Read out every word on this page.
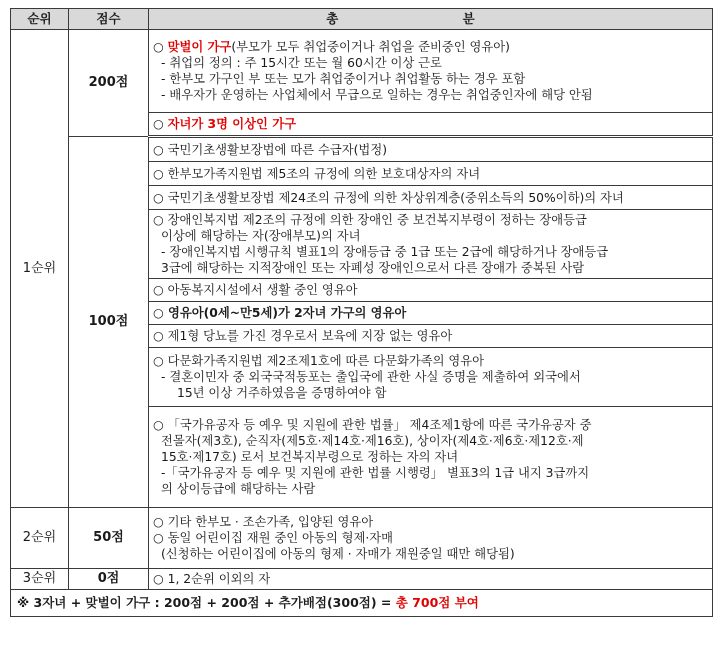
순위	점수	총 분
1순위	200점	○ 맞벌이 가구(부모가 모두 취업중이거나 취업을 준비중인 영유아)
- 취업의 정의 : 주 15시간 또는 월 60시간 이상 근로
- 한부모 가구인 부 또는 모가 취업중이거나 취업활동 하는 경우 포함
- 배우자가 운영하는 사업체에서 무급으로 일하는 경우는 취업중인자에 해당 안됨

		○ 자녀가 3명 이상인 가구
	100점	○ 국민기초생활보장법에 따른 수급자(법정)
		○ 한부모가족지원법 제5조의 규정에 의한 보호대상자의 자녀
		○ 국민기초생활보장법 제24조의 규정에 의한 차상위계층(중위소득의 50%이하)의 자녀

		○ 장애인복지법 제2조의 규정에 의한 장애인 중 보건복지부령이 정하는 장애등급
이상에 해당하는 자(장애부모)의 자녀
- 장애인복지법 시행규칙 별표1의 장애등급 중 1급 또는 2급에 해당하거나 장애등급
3급에 해당하는 지적장애인 또는 자폐성 장애인으로서 다른 장애가 중복된 사람

		○ 아동복지시설에서 생활 중인 영유아
		○ 영유아(0세~만5세)가 2자녀 가구의 영유아
		○ 제1형 당뇨를 가진 경우로서 보육에 지장 없는 영유아

		○ 다문화가족지원법 제2조제1호에 따른 다문화가족의 영유아
- 결혼이민자 중 외국국적동포는 출입국에 관한 사실 증명을 제출하여 외국에서
15년 이상 거주하였음을 증명하여야 함

		○ 「국가유공자 등 예우 및 지원에 관한 법률」 제4조제1항에 따른 국가유공자 중
전몰자(제3호), 순직자(제5호·제14호·제16호), 상이자(제4호·제6호·제12호·제
15호·제17호) 로서 보건복지부령으로 정하는 자의 자녀
-「국가유공자 등 예우 및 지원에 관한 법률 시행령」 별표3의 1급 내지 3급까지
의 상이등급에 해당하는 사람

2순위	50점	○ 기타 한부모 · 조손가족, 입양된 영유아
○ 동일 어린이집 재원 중인 아동의 형제·자매
(신청하는 어린이집에 아동의 형제 · 자매가 재원중일 때만 해당됨)

3순위	0점	○ 1, 2순위 이외의 자
※ 3자녀 + 맞벌이 가구 : 200점 + 200점 + 추가배점(300점) = 총 700점 부여		
